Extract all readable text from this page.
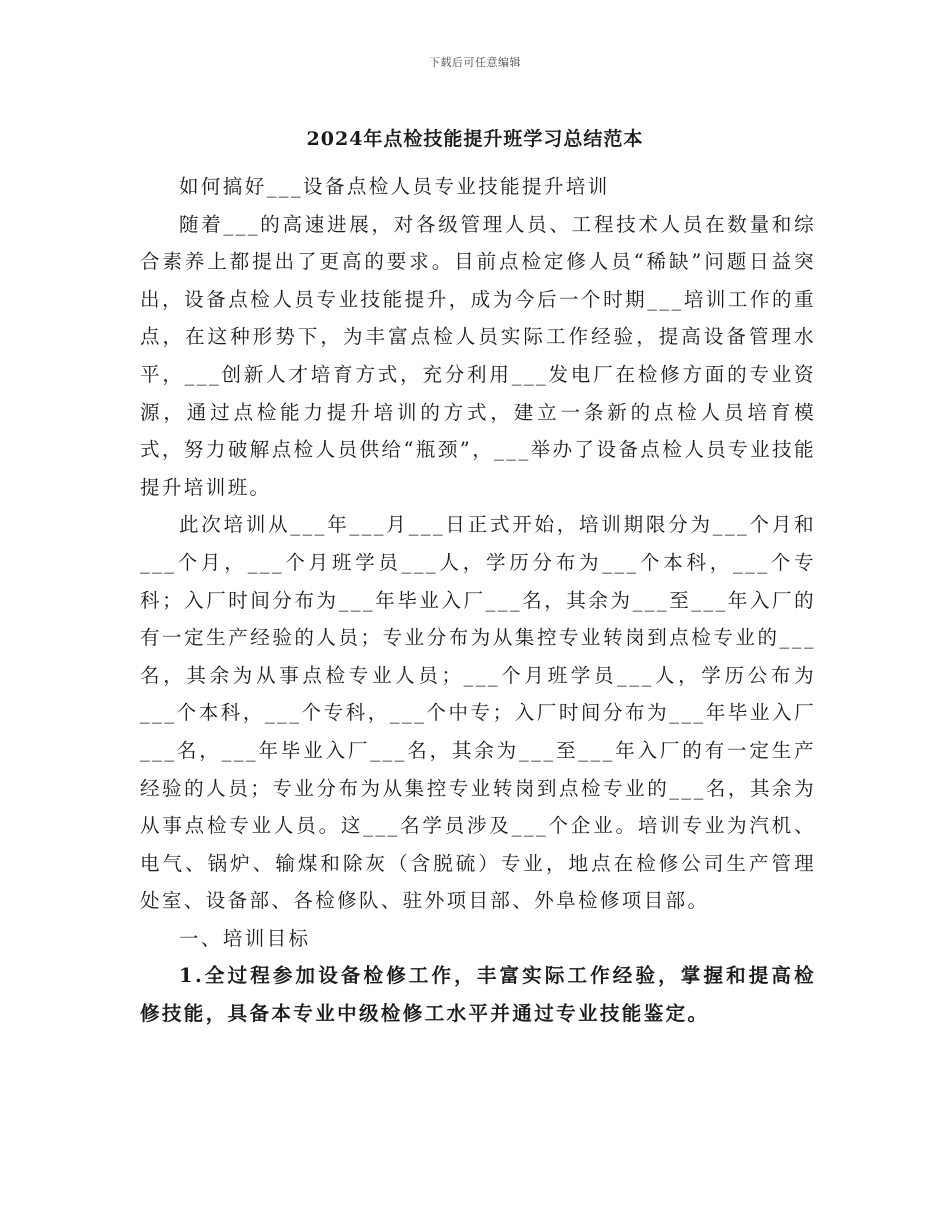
下载后可任意编辑
2024年点检技能提升班学习总结范本

如何搞好___设备点检人员专业技能提升培训

随着___的高速进展，对各级管理人员、工程技术人员在数量和综合素养上都提出了更高的要求。目前点检定修人员“稀缺”问题日益突出，设备点检人员专业技能提升，成为今后一个时期___培训工作的重点，在这种形势下，为丰富点检人员实际工作经验，提高设备管理水平，___创新人才培育方式，充分利用___发电厂在检修方面的专业资源，通过点检能力提升培训的方式，建立一条新的点检人员培育模式，努力破解点检人员供给“瓶颈”，___举办了设备点检人员专业技能提升培训班。

此次培训从___年___月___日正式开始，培训期限分为___个月和___个月，___个月班学员___人，学历分布为___个本科，___个专科；入厂时间分布为___年毕业入厂___名，其余为___至___年入厂的有一定生产经验的人员；专业分布为从集控专业转岗到点检专业的___名，其余为从事点检专业人员；___个月班学员___人，学历公布为___个本科，___个专科，___个中专；入厂时间分布为___年毕业入厂___名，___年毕业入厂___名，其余为___至___年入厂的有一定生产经验的人员；专业分布为从集控专业转岗到点检专业的___名，其余为从事点检专业人员。这___名学员涉及___个企业。培训专业为汽机、电气、锅炉、输煤和除灰（含脱硫）专业，地点在检修公司生产管理处室、设备部、各检修队、驻外项目部、外阜检修项目部。

一、培训目标

1.全过程参加设备检修工作，丰富实际工作经验，掌握和提高检修技能，具备本专业中级检修工水平并通过专业技能鉴定。
